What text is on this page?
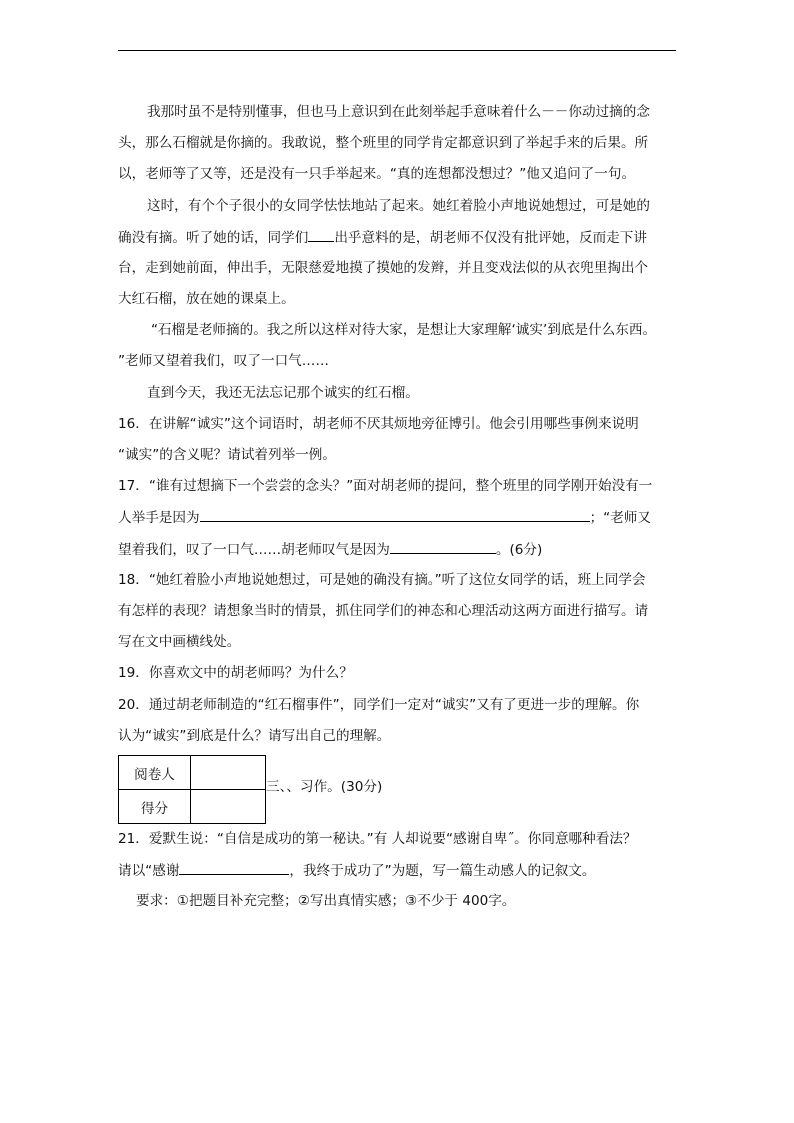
我那时虽不是特别懂事，但也马上意识到在此刻举起手意味着什么－－你动过摘的念
头，那么石榴就是你摘的。我敢说，整个班里的同学肯定都意识到了举起手来的后果。所
以，老师等了又等，还是没有一只手举起来。“真的连想都没想过？”他又追问了一句。
这时，有个个子很小的女同学怯怯地站了起来。她红着脸小声地说她想过，可是她的
确没有摘。听了她的话，同学们 出乎意料的是，胡老师不仅没有批评她，反而走下讲
台，走到她前面，伸出手，无限慈爱地摸了摸她的发辫，并且变戏法似的从衣兜里掏出个
大红石榴，放在她的课桌上。
“石榴是老师摘的。我之所以这样对待大家，是想让大家理解‘诚实’到底是什么东西。
”老师又望着我们，叹了一口气……
直到今天，我还无法忘记那个诚实的红石榴。
16．在讲解“诚实”这个词语时，胡老师不厌其烦地旁征博引。他会引用哪些事例来说明
“诚实”的含义呢？请试着列举一例。
17．“谁有过想摘下一个尝尝的念头？”面对胡老师的提问，整个班里的同学刚开始没有一
人举手是因为	；“老师又
望着我们，叹了一口气……胡老师叹气是因为	。(6分)
18．“她红着脸小声地说她想过，可是她的确没有摘。”听了这位女同学的话，班上同学会
有怎样的表现？请想象当时的情景，抓住同学们的神态和心理活动这两方面进行描写。请
写在文中画横线处。
19．你喜欢文中的胡老师吗？为什么？
20．通过胡老师制造的“红石榴事件”，同学们一定对“诚实”又有了更进一步的理解。你
认为“诚实”到底是什么？请写出自己的理解。
阅卷人	
得分	
三、、习作。(30分)
21．爱默生说：“自信是成功的第一秘诀。”有 人却说要“感谢自卑˝。你同意哪种看法？
请以“感谢	，我终于成功了”为题，写一篇生动感人的记叙文。
要求：①把题目补充完整；②写出真情实感；③不少于 400字。
